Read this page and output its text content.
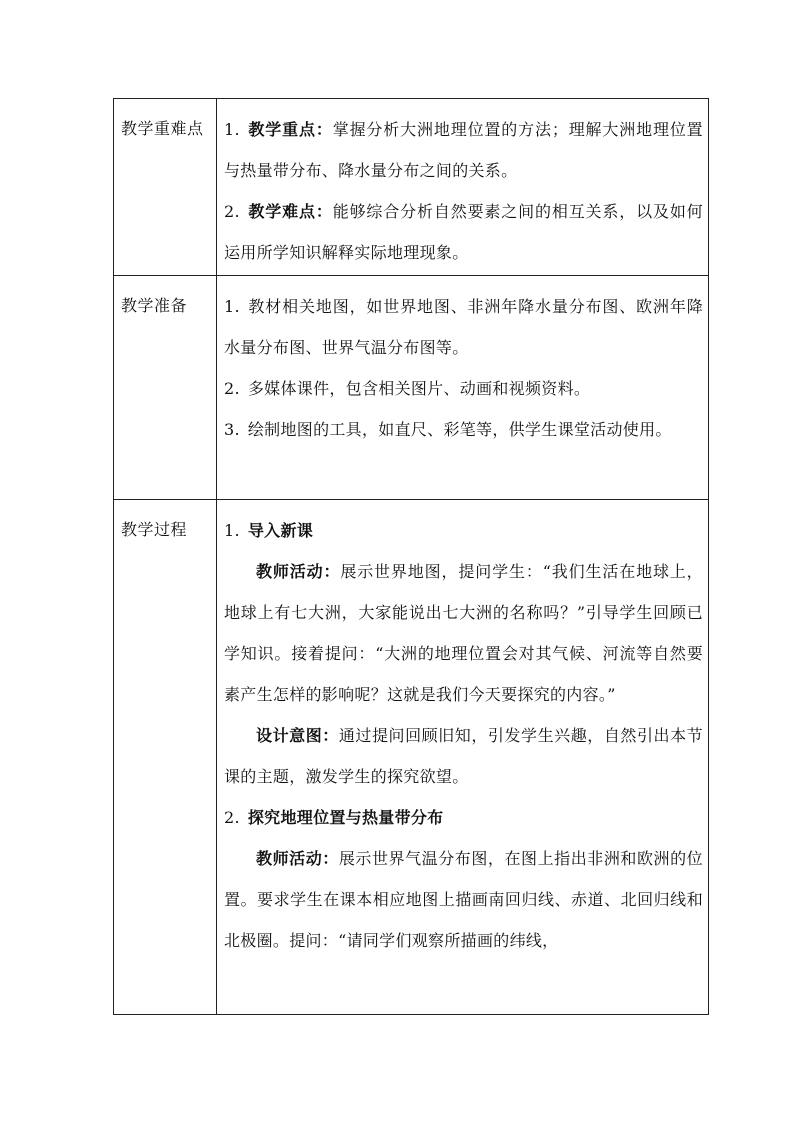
教学重难点	1. 教学重点：掌握分析大洲地理位置的方法；理解大洲地理位置与热量带分布、降水量分布之间的关系。

2. 教学难点：能够综合分析自然要素之间的相互关系，以及如何运用所学知识解释实际地理现象。

教学准备	1. 教材相关地图，如世界地图、非洲年降水量分布图、欧洲年降水量分布图、世界气温分布图等。

2. 多媒体课件，包含相关图片、动画和视频资料。

3. 绘制地图的工具，如直尺、彩笔等，供学生课堂活动使用。

教学过程	1. 导入新课

教师活动：展示世界地图，提问学生：“我们生活在地球上，地球上有七大洲，大家能说出七大洲的名称吗？”引导学生回顾已学知识。接着提问：“大洲的地理位置会对其气候、河流等自然要素产生怎样的影响呢？这就是我们今天要探究的内容。”

设计意图：通过提问回顾旧知，引发学生兴趣，自然引出本节课的主题，激发学生的探究欲望。

2. 探究地理位置与热量带分布

教师活动：展示世界气温分布图，在图上指出非洲和欧洲的位置。要求学生在课本相应地图上描画南回归线、赤道、北回归线和北极圈。提问：“请同学们观察所描画的纬线，
